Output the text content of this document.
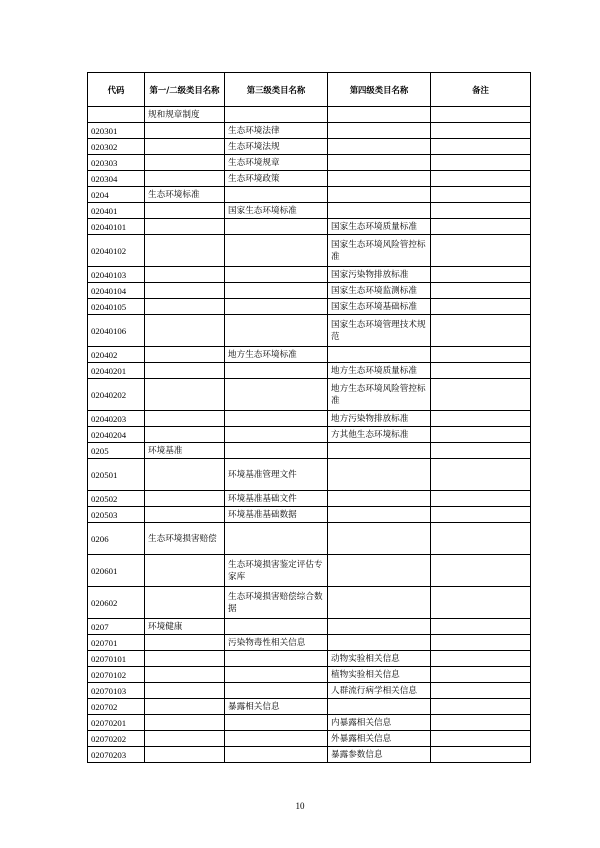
代码	第一/二级类目名称	第三级类目名称	第四级类目名称	备注
	规和规章制度			
020301		生态环境法律		
020302		生态环境法规		
020303		生态环境规章		
020304		生态环境政策		
0204	生态环境标准			
020401		国家生态环境标准		
02040101			国家生态环境质量标准	
02040102			国家生态环境风险管控标准	
02040103			国家污染物排放标准	
02040104			国家生态环境监测标准	
02040105			国家生态环境基础标准	
02040106			国家生态环境管理技术规范	
020402		地方生态环境标准		
02040201			地方生态环境质量标准	
02040202			地方生态环境风险管控标准	
02040203			地方污染物排放标准	
02040204			方其他生态环境标准	
0205	环境基准			
020501		环境基准管理文件		
020502		环境基准基础文件		
020503		环境基准基础数据		
0206	生态环境损害赔偿			
020601		生态环境损害鉴定评估专家库		
020602		生态环境损害赔偿综合数据		
0207	环境健康			
020701		污染物毒性相关信息		
02070101			动物实验相关信息	
02070102			植物实验相关信息	
02070103			人群流行病学相关信息	
020702		暴露相关信息		
02070201			内暴露相关信息	
02070202			外暴露相关信息	
02070203			暴露参数信息	
10
